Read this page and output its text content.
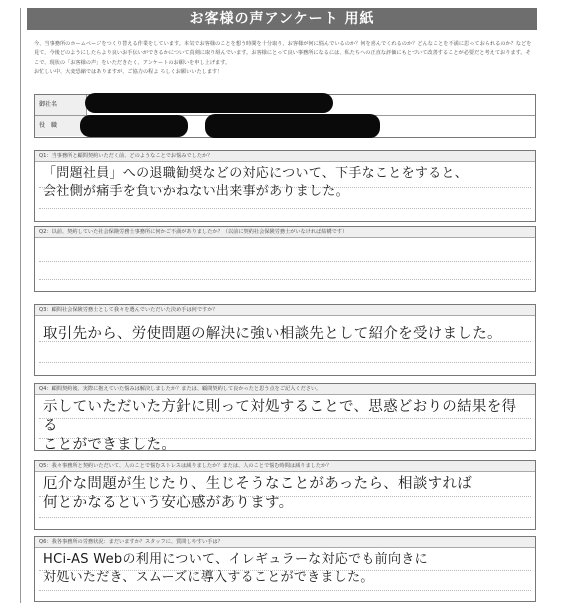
お客様の声アンケート 用紙
今、当事務所のホームページをつくり替える作業をしています。本気でお客様のことを想う時間を十分取り、お客様が何に悩んでいるのか？何を喜んでくれるのか？どんなことを不満に思っておられるのか？などを見て、今後どのようにしたらより良いお手伝いができるかについて真剣に取り組んでいます。お客様にとって良い事務所になるには、私たちへの正直な評価にもとづいて改善することが必要だと考えております。そこで、現状の「お客様の声」をいただきたく、アンケートのお願いを申し上げます。
お忙しい中、大変恐縮ではありますが、ご協力の程よ ろしくお願いいたします！
御社名
役　職
Q1：当事務所と顧問契約いただく前、どのようなことでお悩みでしたか？
「問題社員」への退職勧奨などの対応について、下手なことをすると、
会社側が痛手を負いかねない出来事がありました。
Q2：以前、契約していた社会保険労務士事務所に何かご不満がありましたか？（以前に契約社会保険労務士がいなければ結構です）
Q3：顧問社会保険労務士として我々を選んでいただいた決め手は何ですか？
取引先から、労使問題の解決に強い相談先として紹介を受けました。
Q4：顧問契約後、実際に抱えていた悩みは解決しましたか？または、顧問契約して良かったと思う点をご記入ください。
示していただいた方針に則って対処することで、思惑どおりの結果を得る
ことができました。
Q5：我々事務所と契約いただいて、人のことで悩むストレスは減りましたか？または、人のことで悩む時間は減りましたか？
厄介な問題が生じたり、生じそうなことがあったら、相談すれば
何とかなるという安心感があります。
Q6：我各事務所の労務状況：まだいますか？スタッフに、質問しやすい手は？
HCi-AS Webの利用について、イレギュラーな対応でも前向きに
対処いただき、スムーズに導入することができました。
